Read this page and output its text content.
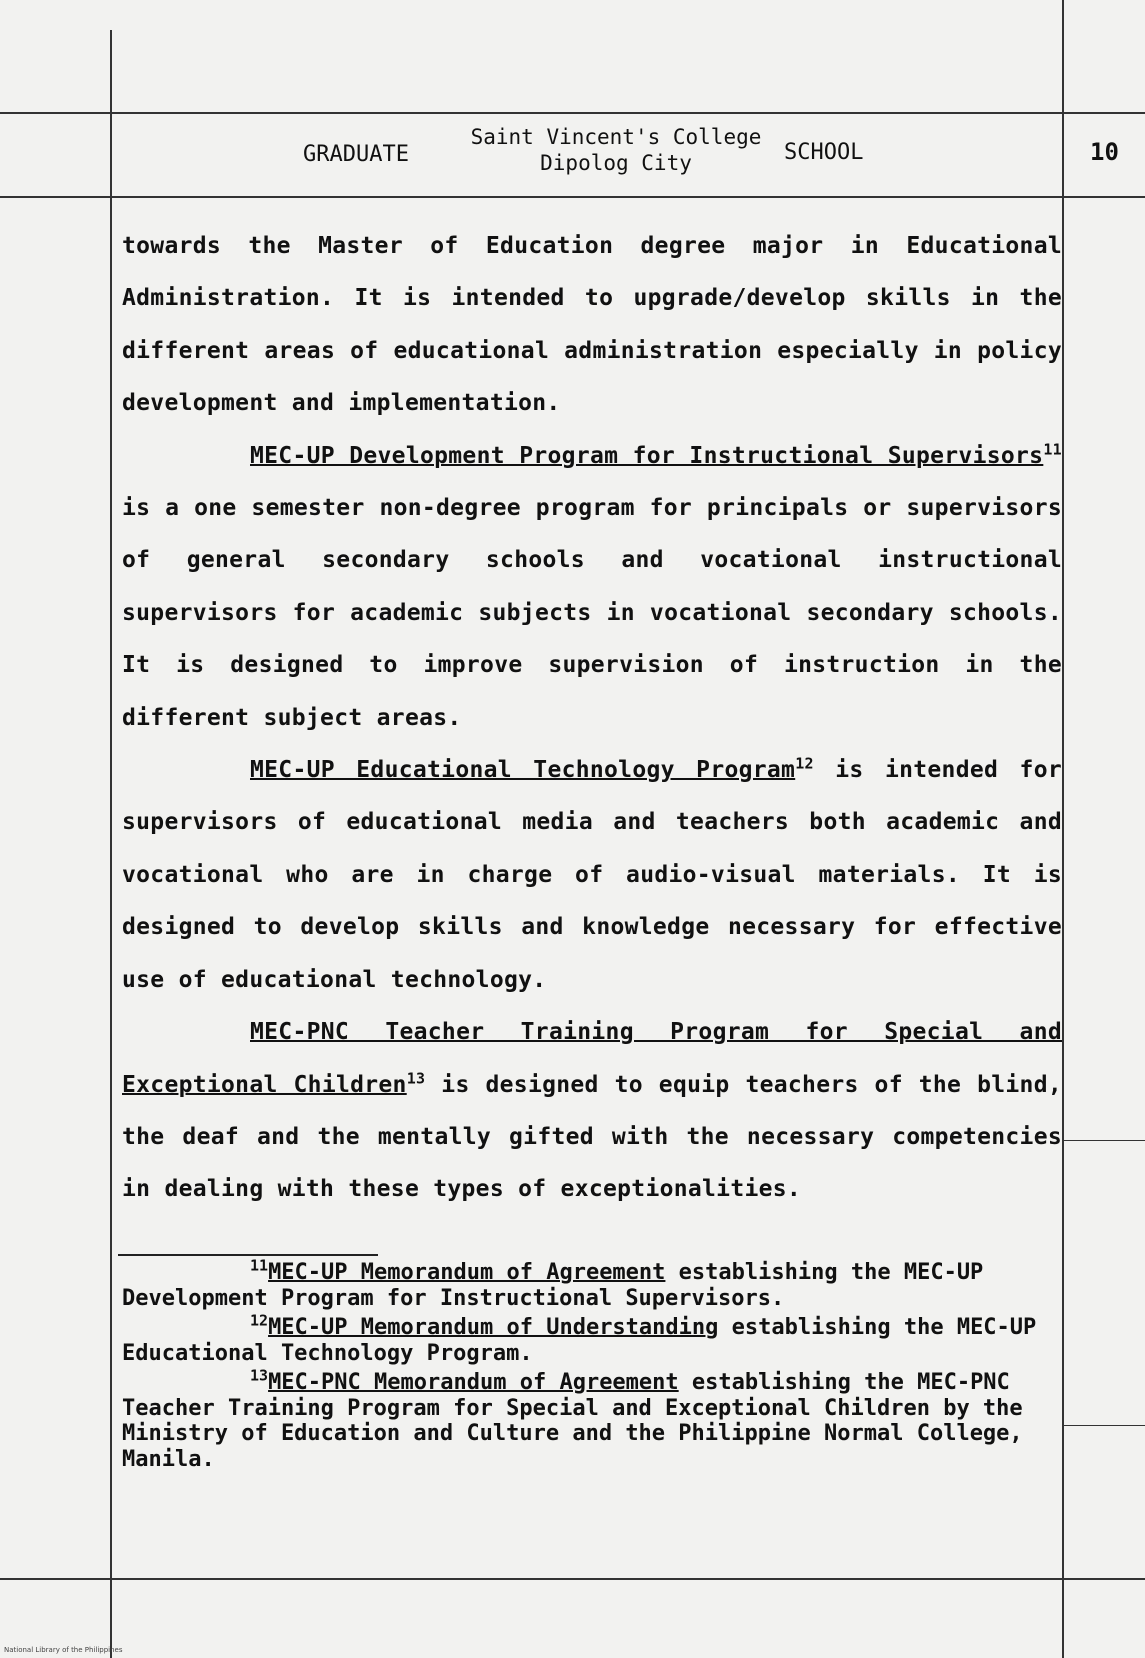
GRADUATE
Saint Vincent's College
Dipolog City	SCHOOL	10

towards the Master of Education degree major in Educational Administration. It is intended to upgrade/develop skills in the different areas of educational administration especially in policy development and implementation.

MEC-UP Development Program for Instructional Supervisors$^{11}$ is a one semester non-degree program for principals or supervisors of general secondary schools and vocational instructional supervisors for academic subjects in vocational secondary schools. It is designed to improve supervision of instruction in the different subject areas.

MEC-UP Educational Technology Program$^{12}$ is intended for supervisors of educational media and teachers both academic and vocational who are in charge of audio-visual materials. It is designed to develop skills and knowledge necessary for effective use of educational technology.

MEC-PNC Teacher Training Program for Special and Exceptional Children$^{13}$ is designed to equip teachers of the blind, the deaf and the mentally gifted with the necessary competencies in dealing with these types of exceptionalities.

$^{11}$MEC-UP Memorandum of Agreement establishing the MEC-UP Development Program for Instructional Supervisors.

$^{12}$MEC-UP Memorandum of Understanding establishing the MEC-UP Educational Technology Program.

$^{13}$MEC-PNC Memorandum of Agreement establishing the MEC-PNC Teacher Training Program for Special and Exceptional Children by the Ministry of Education and Culture and the Philippine Normal College, Manila.

National Library of the Philippines
